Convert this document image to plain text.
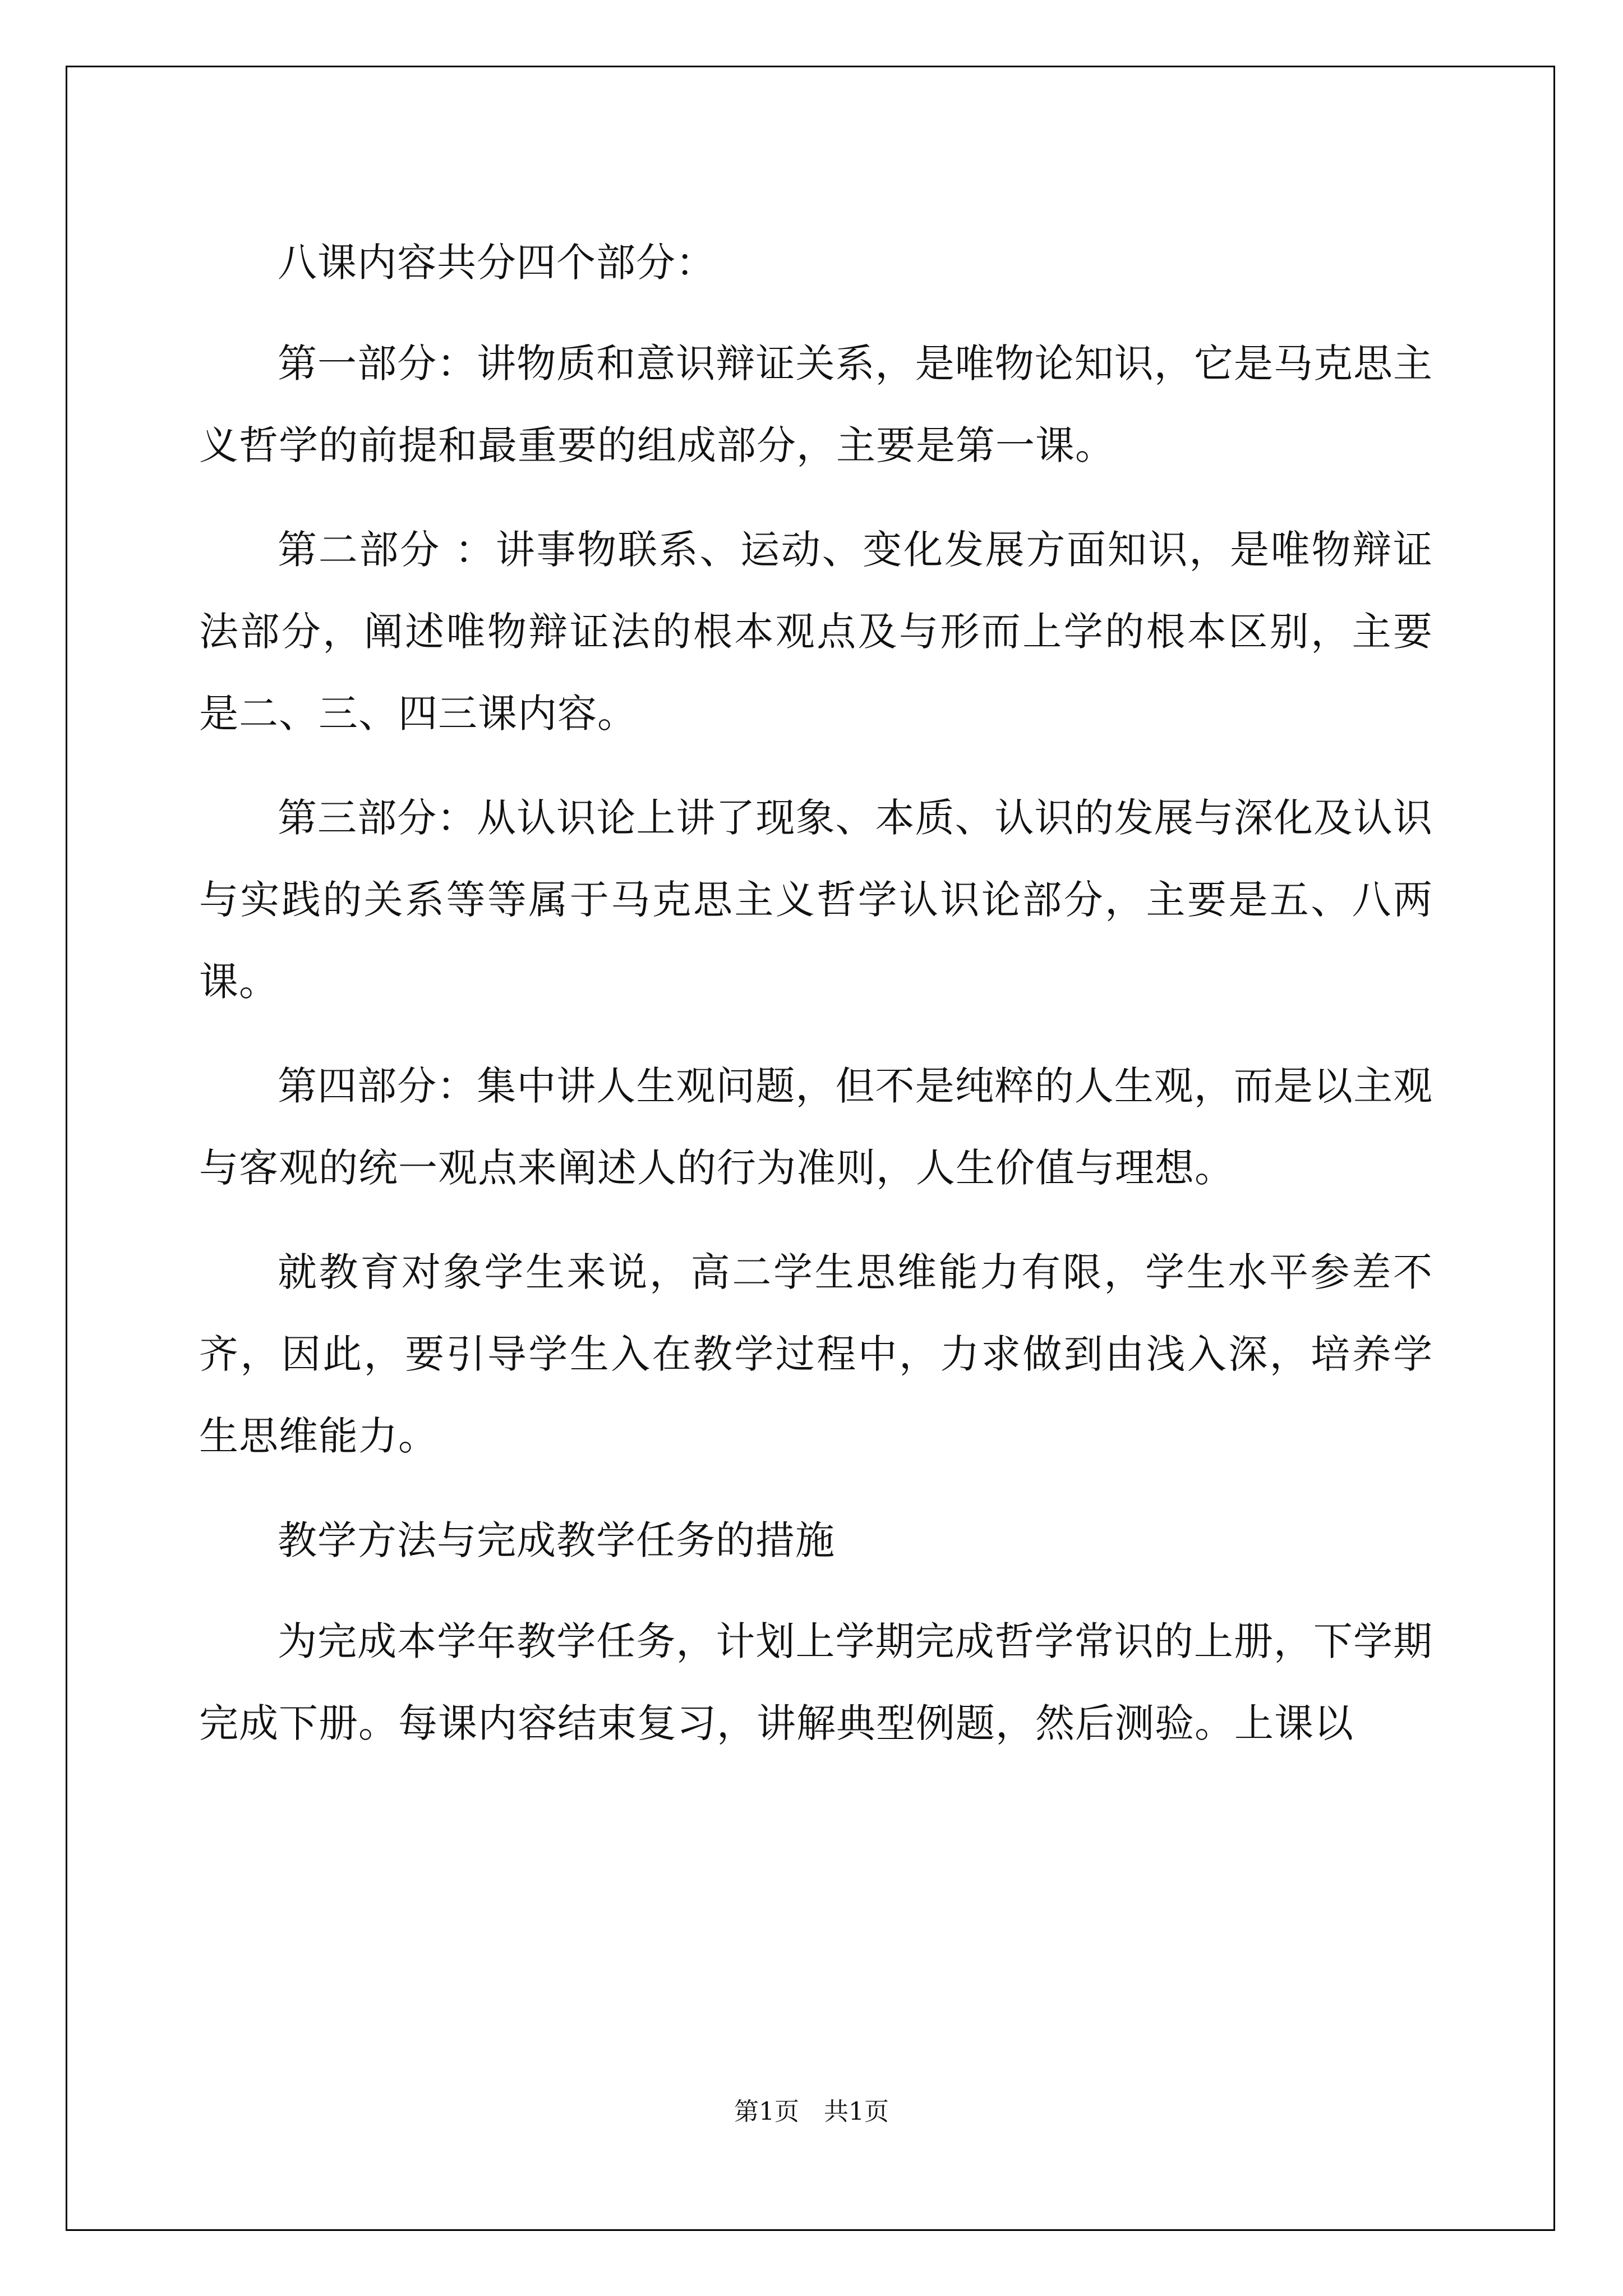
八课内容共分四个部分：

第一部分：讲物质和意识辩证关系，是唯物论知识，它是马克思主义哲学的前提和最重要的组成部分，主要是第一课。

第二部分 ：讲事物联系、运动、变化发展方面知识，是唯物辩证法部分，阐述唯物辩证法的根本观点及与形而上学的根本区别，主要是二、三、四三课内容。

第三部分：从认识论上讲了现象、本质、认识的发展与深化及认识与实践的关系等等属于马克思主义哲学认识论部分，主要是五、八两课。

第四部分：集中讲人生观问题，但不是纯粹的人生观，而是以主观与客观的统一观点来阐述人的行为准则，人生价值与理想。

就教育对象学生来说，高二学生思维能力有限，学生水平参差不齐，因此，要引导学生入在教学过程中，力求做到由浅入深，培养学生思维能力。

教学方法与完成教学任务的措施

为完成本学年教学任务，计划上学期完成哲学常识的上册，下学期完成下册。每课内容结束复习，讲解典型例题，然后测验。上课以

第1页　共1页
